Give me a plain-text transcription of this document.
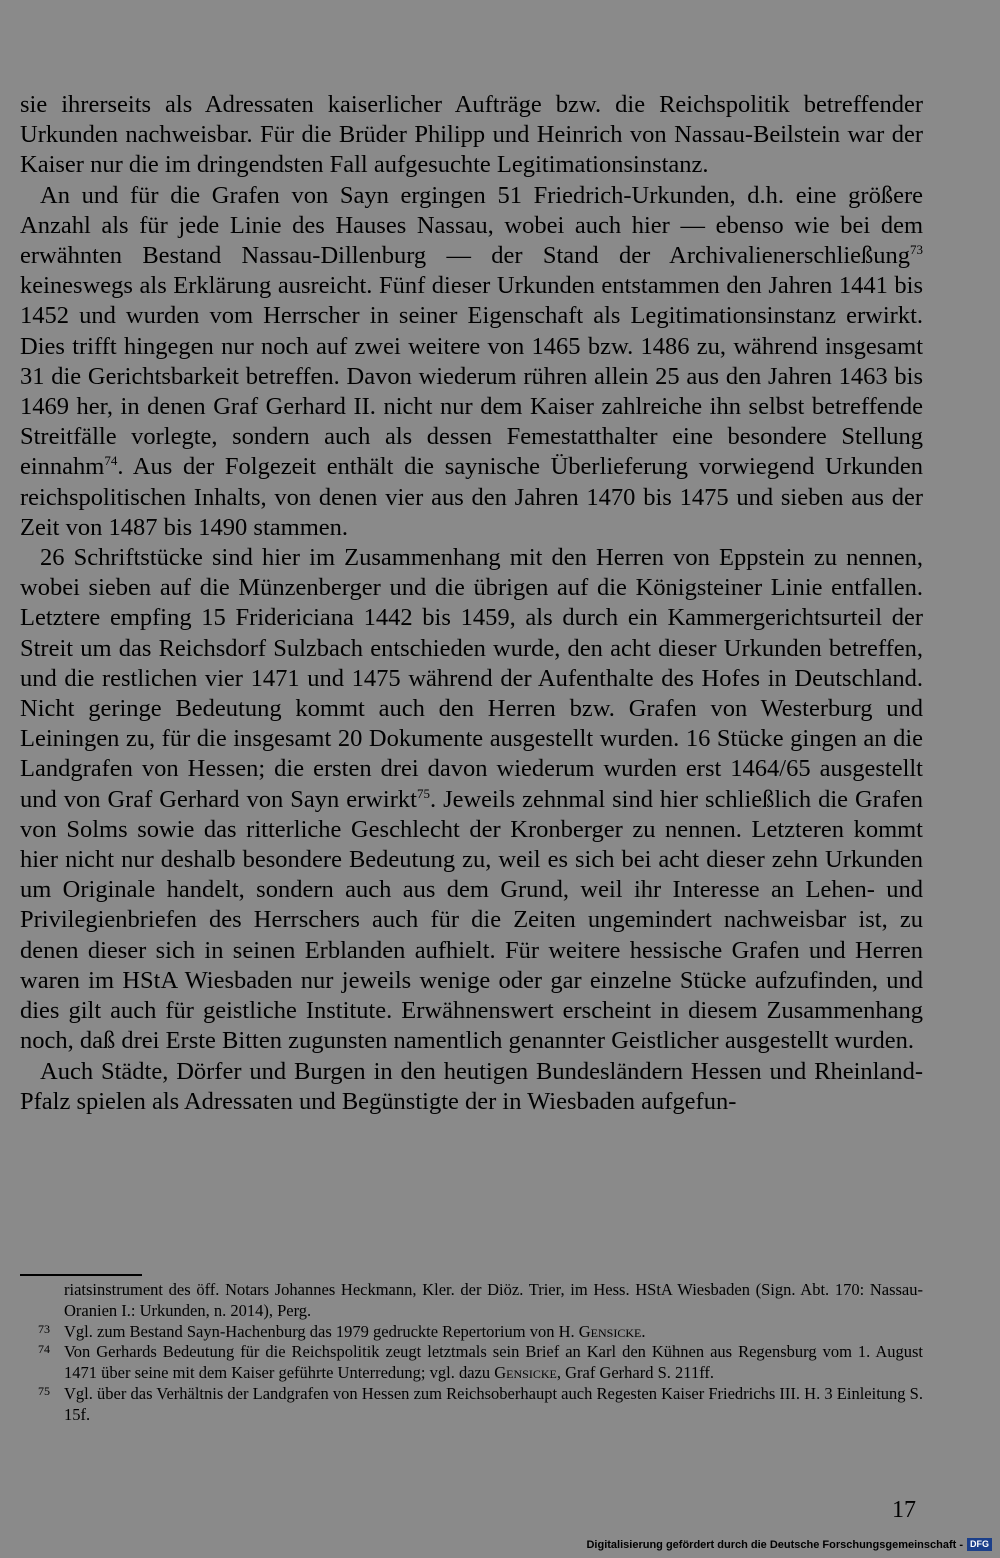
sie ihrerseits als Adressaten kaiserlicher Aufträge bzw. die Reichspolitik betreffender Urkunden nachweisbar. Für die Brüder Philipp und Heinrich von Nassau-Beilstein war der Kaiser nur die im dringendsten Fall aufgesuchte Legitimationsinstanz.

An und für die Grafen von Sayn ergingen 51 Friedrich-Urkunden, d.h. eine größere Anzahl als für jede Linie des Hauses Nassau, wobei auch hier — ebenso wie bei dem erwähnten Bestand Nassau-Dillenburg — der Stand der Archivalienerschließung$^{73}$ keineswegs als Erklärung ausreicht. Fünf dieser Urkunden entstammen den Jahren 1441 bis 1452 und wurden vom Herrscher in seiner Eigenschaft als Legitimationsinstanz erwirkt. Dies trifft hingegen nur noch auf zwei weitere von 1465 bzw. 1486 zu, während insgesamt 31 die Gerichtsbarkeit betreffen. Davon wiederum rühren allein 25 aus den Jahren 1463 bis 1469 her, in denen Graf Gerhard II. nicht nur dem Kaiser zahlreiche ihn selbst betreffende Streitfälle vorlegte, sondern auch als dessen Femestatthalter eine besondere Stellung einnahm$^{74}$. Aus der Folgezeit enthält die saynische Überlieferung vorwiegend Urkunden reichspolitischen Inhalts, von denen vier aus den Jahren 1470 bis 1475 und sieben aus der Zeit von 1487 bis 1490 stammen.

26 Schriftstücke sind hier im Zusammenhang mit den Herren von Eppstein zu nennen, wobei sieben auf die Münzenberger und die übrigen auf die Königsteiner Linie entfallen. Letztere empfing 15 Fridericiana 1442 bis 1459, als durch ein Kammergerichtsurteil der Streit um das Reichsdorf Sulzbach entschieden wurde, den acht dieser Urkunden betreffen, und die restlichen vier 1471 und 1475 während der Aufenthalte des Hofes in Deutschland. Nicht geringe Bedeutung kommt auch den Herren bzw. Grafen von Westerburg und Leiningen zu, für die insgesamt 20 Dokumente ausgestellt wurden. 16 Stücke gingen an die Landgrafen von Hessen; die ersten drei davon wiederum wurden erst 1464/65 ausgestellt und von Graf Gerhard von Sayn erwirkt$^{75}$. Jeweils zehnmal sind hier schließlich die Grafen von Solms sowie das ritterliche Geschlecht der Kronberger zu nennen. Letzteren kommt hier nicht nur deshalb besondere Bedeutung zu, weil es sich bei acht dieser zehn Urkunden um Originale handelt, sondern auch aus dem Grund, weil ihr Interesse an Lehen- und Privilegienbriefen des Herrschers auch für die Zeiten ungemindert nachweisbar ist, zu denen dieser sich in seinen Erblanden aufhielt. Für weitere hessische Grafen und Herren waren im HStA Wiesbaden nur jeweils wenige oder gar einzelne Stücke aufzufinden, und dies gilt auch für geistliche Institute. Erwähnenswert erscheint in diesem Zusammenhang noch, daß drei Erste Bitten zugunsten namentlich genannter Geistlicher ausgestellt wurden.

Auch Städte, Dörfer und Burgen in den heutigen Bundesländern Hessen und Rheinland-Pfalz spielen als Adressaten und Begünstigte der in Wiesbaden aufgefun-

riatsinstrument des öff. Notars Johannes Heckmann, Kler. der Diöz. Trier, im Hess. HStA Wiesbaden (Sign. Abt. 170: Nassau-Oranien I.: Urkunden, n. 2014), Perg.

73 Vgl. zum Bestand Sayn-Hachenburg das 1979 gedruckte Repertorium von H. Gensicke.

74 Von Gerhards Bedeutung für die Reichspolitik zeugt letztmals sein Brief an Karl den Kühnen aus Regensburg vom 1. August 1471 über seine mit dem Kaiser geführte Unterredung; vgl. dazu Gensicke, Graf Gerhard S. 211ff.

75 Vgl. über das Verhältnis der Landgrafen von Hessen zum Reichsoberhaupt auch Regesten Kaiser Friedrichs III. H. 3 Einleitung S. 15f.

17
Digitalisierung gefördert durch die Deutsche Forschungsgemeinschaft - DFG
